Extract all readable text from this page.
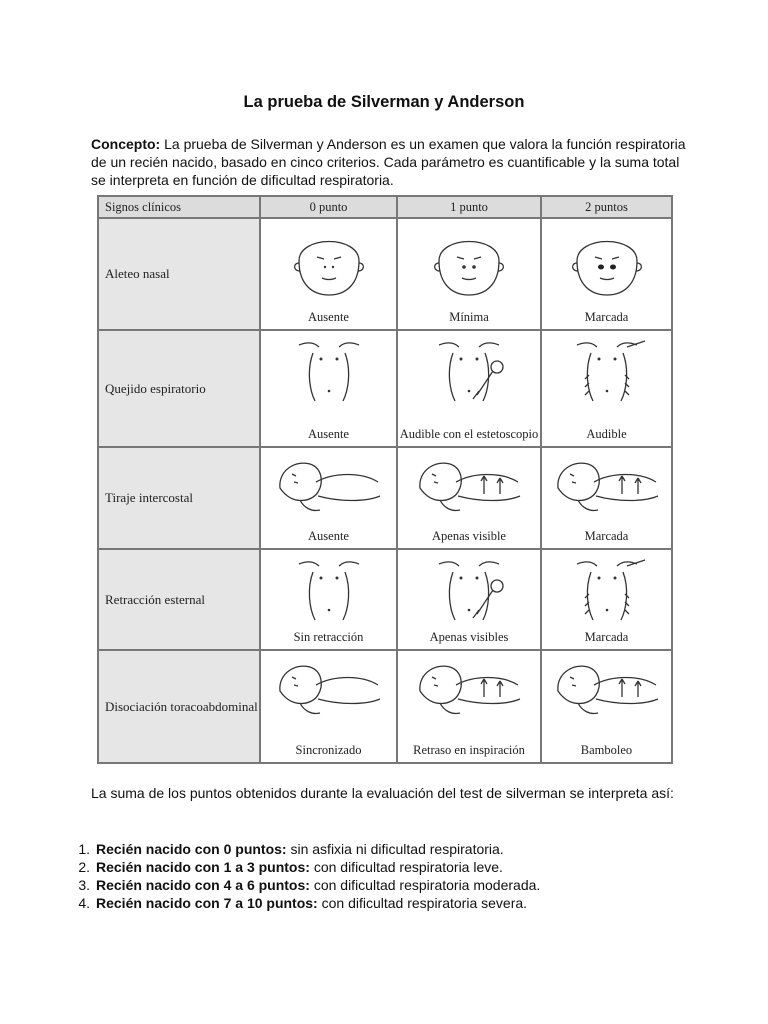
La prueba de Silverman y Anderson
Concepto: La prueba de Silverman y Anderson es un examen que valora la función respiratoria de un recién nacido, basado en cinco criterios. Cada parámetro es cuantificable y la suma total se interpreta en función de dificultad respiratoria.
Signos clínicos	0 punto	1 punto	2 puntos
Aleteo nasal	Ausente	Mínima	Marcada

Quejido espiratorio	Ausente	Audible con el estetoscopio	Audible

Tiraje intercostal	Ausente	Apenas visible	Marcada

Retracción esternal	Sin retracción	Apenas visibles	Marcada

Disociación toracoabdominal	Sincronizado	Retraso en inspiración	Bamboleo
La suma de los puntos obtenidos durante la evaluación del test de silverman se interpreta así:
1. Recién nacido con 0 puntos: sin asfixia ni dificultad respiratoria.
2. Recién nacido con 1 a 3 puntos: con dificultad respiratoria leve.
3. Recién nacido con 4 a 6 puntos: con dificultad respiratoria moderada.
4. Recién nacido con 7 a 10 puntos: con dificultad respiratoria severa.
